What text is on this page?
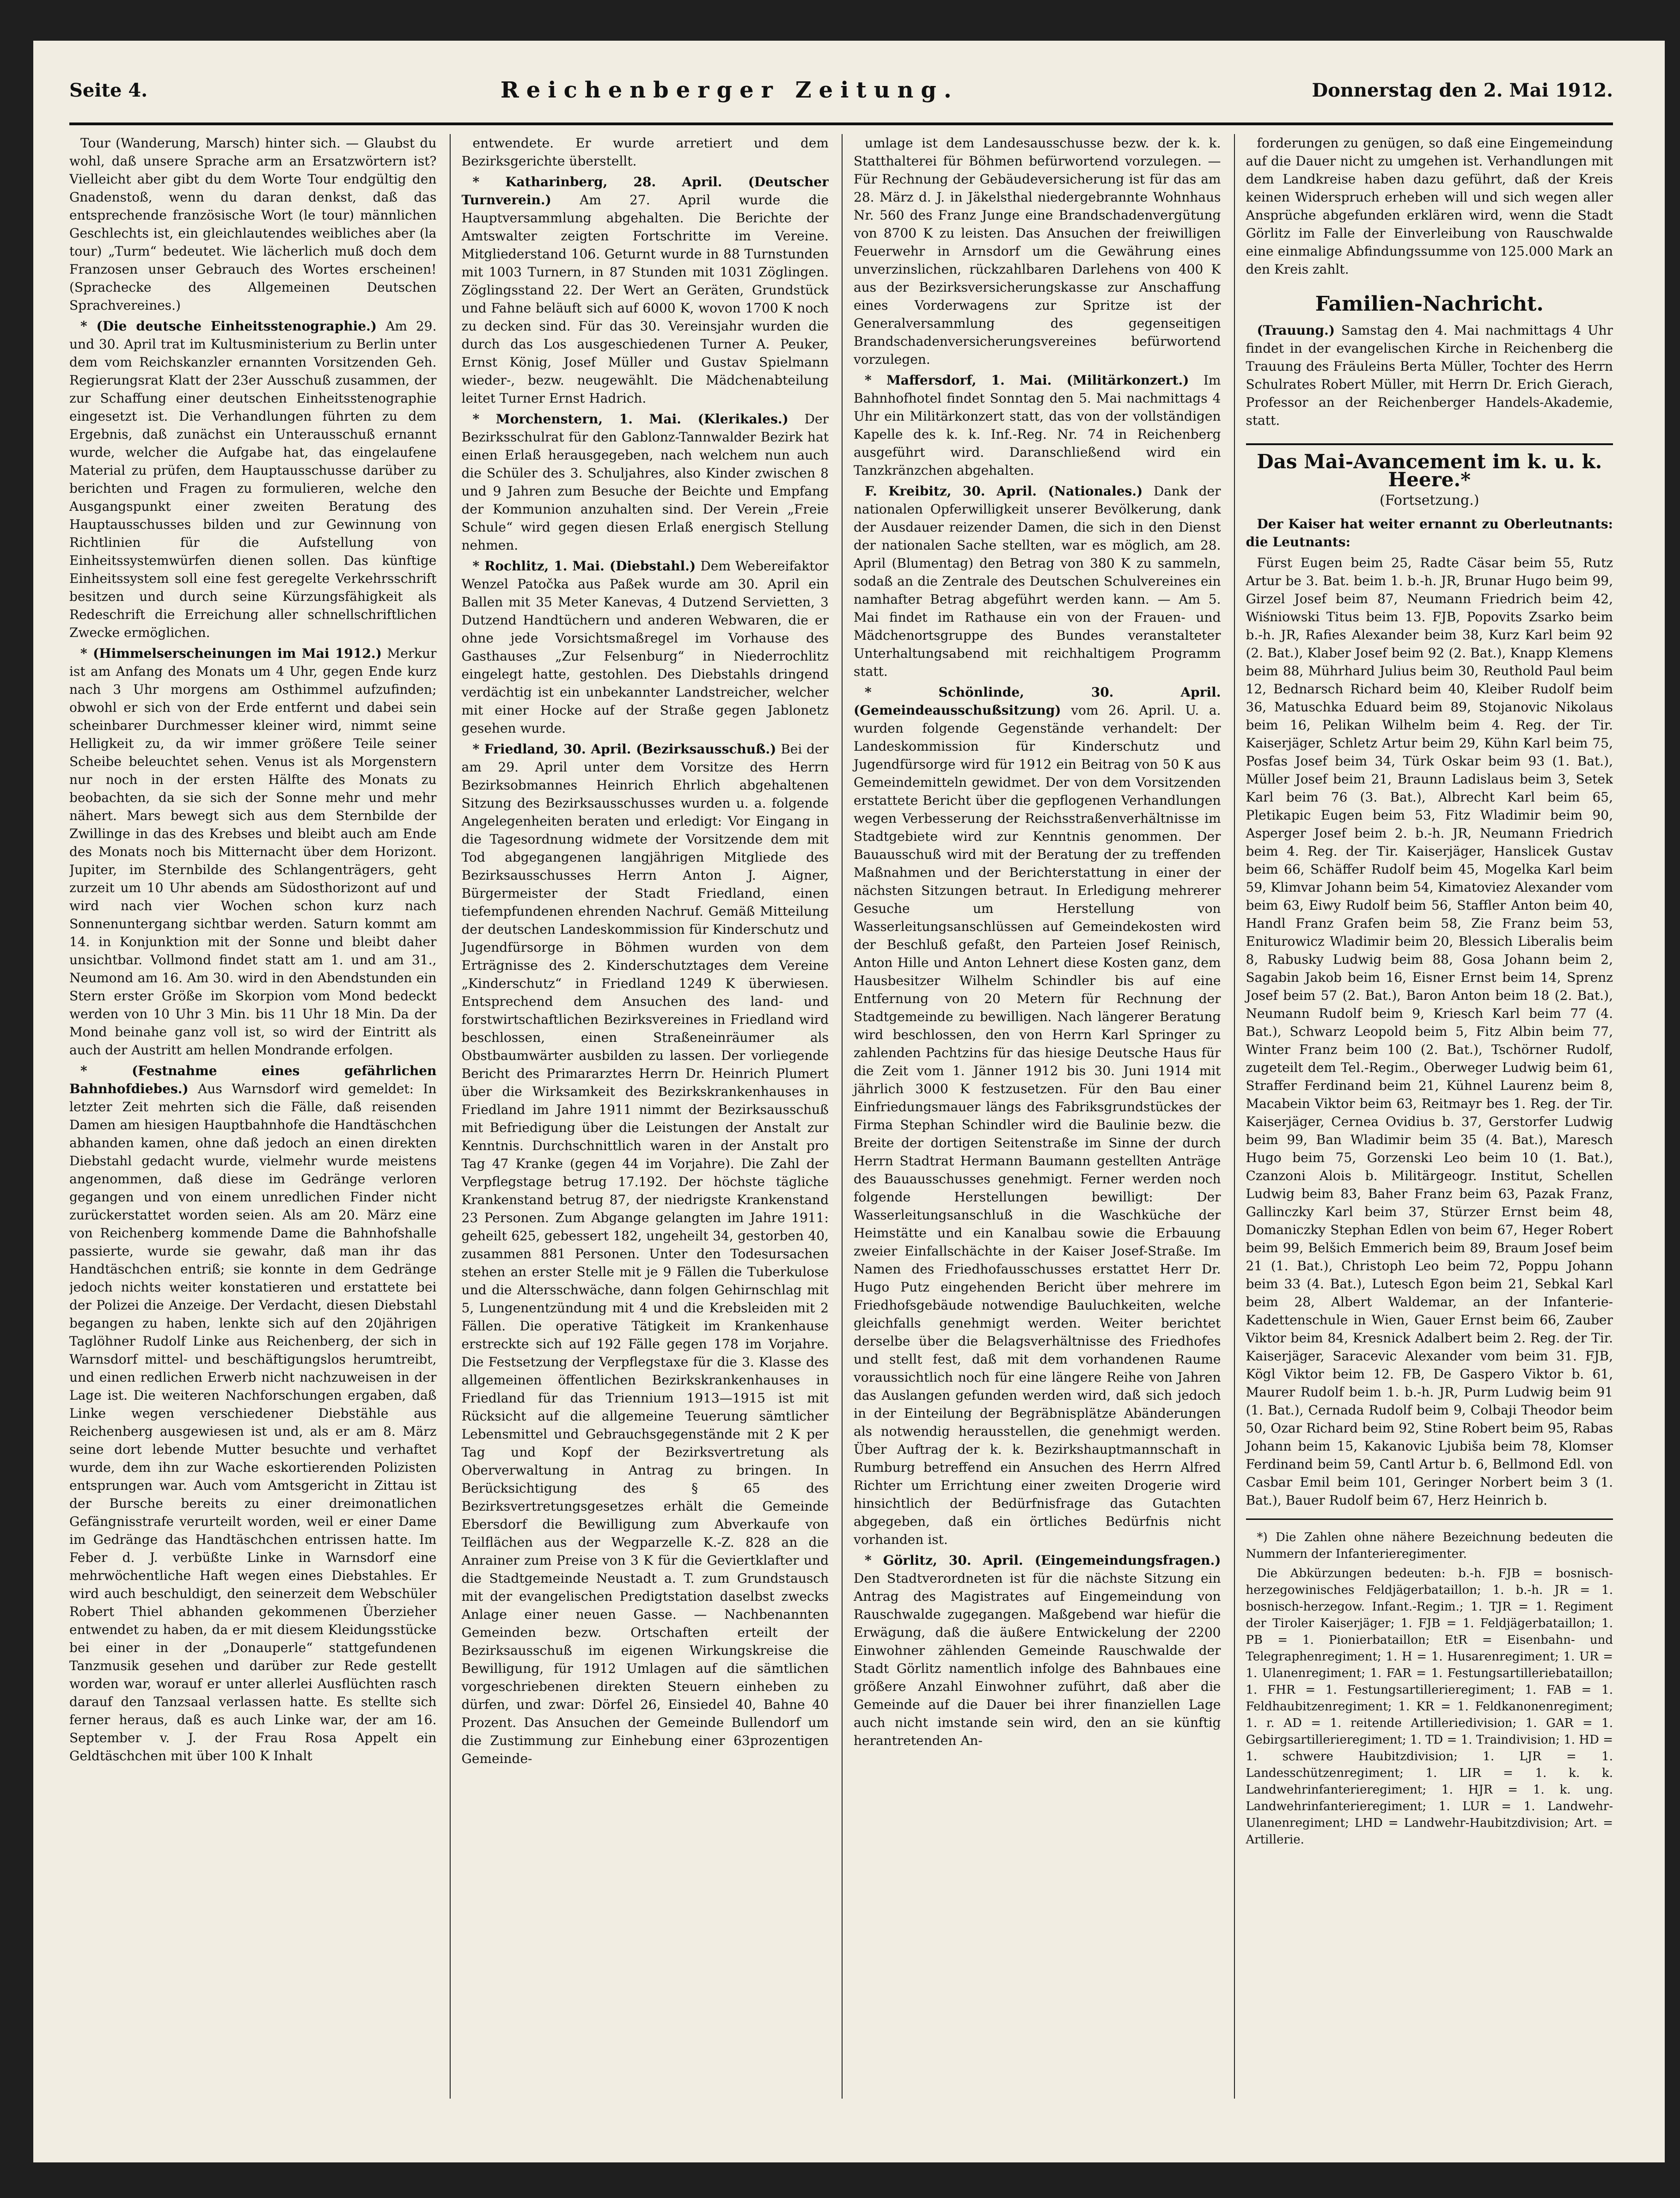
Seite 4.	Reichenberger Zeitung.	Donnerstag den 2. Mai 1912.

Tour (Wanderung, Marsch) hinter sich. — Glaubst du wohl, daß unsere Sprache arm an Ersatzwörtern ist? Vielleicht aber gibt du dem Worte Tour endgültig den Gnadenstoß, wenn du daran denkst, daß das entsprechende französische Wort (le tour) männlichen Geschlechts ist, ein gleichlautendes weibliches aber (la tour) „Turm“ bedeutet. Wie lächerlich muß doch dem Franzosen unser Gebrauch des Wortes erscheinen! (Sprachecke des Allgemeinen Deutschen Sprachvereines.)

* (Die deutsche Einheitsstenographie.) Am 29. und 30. April trat im Kultusministerium zu Berlin unter dem vom Reichskanzler ernannten Vorsitzenden Geh. Regierungsrat Klatt der 23er Ausschuß zusammen, der zur Schaffung einer deutschen Einheitsstenographie eingesetzt ist. Die Verhandlungen führten zu dem Ergebnis, daß zunächst ein Unterausschuß ernannt wurde, welcher die Aufgabe hat, das eingelaufene Material zu prüfen, dem Hauptausschusse darüber zu berichten und Fragen zu formulieren, welche den Ausgangspunkt einer zweiten Beratung des Hauptausschusses bilden und zur Gewinnung von Richtlinien für die Aufstellung von Einheitssystemwürfen dienen sollen. Das künftige Einheitssystem soll eine fest geregelte Verkehrsschrift besitzen und durch seine Kürzungsfähigkeit als Redeschrift die Erreichung aller schnellschriftlichen Zwecke ermöglichen.

* (Himmelserscheinungen im Mai 1912.) Merkur ist am Anfang des Monats um 4 Uhr, gegen Ende kurz nach 3 Uhr morgens am Osthimmel aufzufinden; obwohl er sich von der Erde entfernt und dabei sein scheinbarer Durchmesser kleiner wird, nimmt seine Helligkeit zu, da wir immer größere Teile seiner Scheibe beleuchtet sehen. Venus ist als Morgenstern nur noch in der ersten Hälfte des Monats zu beobachten, da sie sich der Sonne mehr und mehr nähert. Mars bewegt sich aus dem Sternbilde der Zwillinge in das des Krebses und bleibt auch am Ende des Monats noch bis Mitternacht über dem Horizont. Jupiter, im Sternbilde des Schlangenträgers, geht zurzeit um 10 Uhr abends am Südosthorizont auf und wird nach vier Wochen schon kurz nach Sonnenuntergang sichtbar werden. Saturn kommt am 14. in Konjunktion mit der Sonne und bleibt daher unsichtbar. Vollmond findet statt am 1. und am 31., Neumond am 16. Am 30. wird in den Abendstunden ein Stern erster Größe im Skorpion vom Mond bedeckt werden von 10 Uhr 3 Min. bis 11 Uhr 18 Min. Da der Mond beinahe ganz voll ist, so wird der Eintritt als auch der Austritt am hellen Mondrande erfolgen.

* (Festnahme eines gefährlichen Bahnhofdiebes.) Aus Warnsdorf wird gemeldet: In letzter Zeit mehrten sich die Fälle, daß reisenden Damen am hiesigen Hauptbahnhofe die Handtäschchen abhanden kamen, ohne daß jedoch an einen direkten Diebstahl gedacht wurde, vielmehr wurde meistens angenommen, daß diese im Gedränge verloren gegangen und von einem unredlichen Finder nicht zurückerstattet worden seien. Als am 20. März eine von Reichenberg kommende Dame die Bahnhofshalle passierte, wurde sie gewahr, daß man ihr das Handtäschchen entriß; sie konnte in dem Gedränge jedoch nichts weiter konstatieren und erstattete bei der Polizei die Anzeige. Der Verdacht, diesen Diebstahl begangen zu haben, lenkte sich auf den 20jährigen Taglöhner Rudolf Linke aus Reichenberg, der sich in Warnsdorf mittel- und beschäftigungslos herumtreibt, und einen redlichen Erwerb nicht nachzuweisen in der Lage ist. Die weiteren Nachforschungen ergaben, daß Linke wegen verschiedener Diebstähle aus Reichenberg ausgewiesen ist und, als er am 8. März seine dort lebende Mutter besuchte und verhaftet wurde, dem ihn zur Wache eskortierenden Polizisten entsprungen war. Auch vom Amtsgericht in Zittau ist der Bursche bereits zu einer dreimonatlichen Gefängnisstrafe verurteilt worden, weil er einer Dame im Gedränge das Handtäschchen entrissen hatte. Im Feber d. J. verbüßte Linke in Warnsdorf eine mehrwöchentliche Haft wegen eines Diebstahles. Er wird auch beschuldigt, den seinerzeit dem Webschüler Robert Thiel abhanden gekommenen Überzieher entwendet zu haben, da er mit diesem Kleidungsstücke bei einer in der „Donauperle“ stattgefundenen Tanzmusik gesehen und darüber zur Rede gestellt worden war, worauf er unter allerlei Ausflüchten rasch darauf den Tanzsaal verlassen hatte. Es stellte sich ferner heraus, daß es auch Linke war, der am 16. September v. J. der Frau Rosa Appelt ein Geldtäschchen mit über 100 K Inhalt

entwendete. Er wurde arretiert und dem Bezirksgerichte überstellt.

* Katharinberg, 28. April. (Deutscher Turnverein.) Am 27. April wurde die Hauptversammlung abgehalten. Die Berichte der Amtswalter zeigten Fortschritte im Vereine. Mitgliederstand 106. Geturnt wurde in 88 Turnstunden mit 1003 Turnern, in 87 Stunden mit 1031 Zöglingen. Zöglingsstand 22. Der Wert an Geräten, Grundstück und Fahne beläuft sich auf 6000 K, wovon 1700 K noch zu decken sind. Für das 30. Vereinsjahr wurden die durch das Los ausgeschiedenen Turner A. Peuker, Ernst König, Josef Müller und Gustav Spielmann wieder-, bezw. neugewählt. Die Mädchenabteilung leitet Turner Ernst Hadrich.

* Morchenstern, 1. Mai. (Klerikales.) Der Bezirksschulrat für den Gablonz-Tannwalder Bezirk hat einen Erlaß herausgegeben, nach welchem nun auch die Schüler des 3. Schuljahres, also Kinder zwischen 8 und 9 Jahren zum Besuche der Beichte und Empfang der Kommunion anzuhalten sind. Der Verein „Freie Schule“ wird gegen diesen Erlaß energisch Stellung nehmen.

* Rochlitz, 1. Mai. (Diebstahl.) Dem Webereifaktor Wenzel Patočka aus Paßek wurde am 30. April ein Ballen mit 35 Meter Kanevas, 4 Dutzend Servietten, 3 Dutzend Handtüchern und anderen Webwaren, die er ohne jede Vorsichtsmaßregel im Vorhause des Gasthauses „Zur Felsenburg“ in Niederrochlitz eingelegt hatte, gestohlen. Des Diebstahls dringend verdächtig ist ein unbekannter Landstreicher, welcher mit einer Hocke auf der Straße gegen Jablonetz gesehen wurde.

* Friedland, 30. April. (Bezirksausschuß.) Bei der am 29. April unter dem Vorsitze des Herrn Bezirksobmannes Heinrich Ehrlich abgehaltenen Sitzung des Bezirksausschusses wurden u. a. folgende Angelegenheiten beraten und erledigt: Vor Eingang in die Tagesordnung widmete der Vorsitzende dem mit Tod abgegangenen langjährigen Mitgliede des Bezirksausschusses Herrn Anton J. Aigner, Bürgermeister der Stadt Friedland, einen tiefempfundenen ehrenden Nachruf. Gemäß Mitteilung der deutschen Landeskommission für Kinderschutz und Jugendfürsorge in Böhmen wurden von dem Erträgnisse des 2. Kinderschutztages dem Vereine „Kinderschutz“ in Friedland 1249 K überwiesen. Entsprechend dem Ansuchen des land- und forstwirtschaftlichen Bezirksvereines in Friedland wird beschlossen, einen Straßeneinräumer als Obstbaumwärter ausbilden zu lassen. Der vorliegende Bericht des Primararztes Herrn Dr. Heinrich Plumert über die Wirksamkeit des Bezirkskrankenhauses in Friedland im Jahre 1911 nimmt der Bezirksausschuß mit Befriedigung über die Leistungen der Anstalt zur Kenntnis. Durchschnittlich waren in der Anstalt pro Tag 47 Kranke (gegen 44 im Vorjahre). Die Zahl der Verpflegstage betrug 17.192. Der höchste tägliche Krankenstand betrug 87, der niedrigste Krankenstand 23 Personen. Zum Abgange gelangten im Jahre 1911: geheilt 625, gebessert 182, ungeheilt 34, gestorben 40, zusammen 881 Personen. Unter den Todesursachen stehen an erster Stelle mit je 9 Fällen die Tuberkulose und die Altersschwäche, dann folgen Gehirnschlag mit 5, Lungenentzündung mit 4 und die Krebsleiden mit 2 Fällen. Die operative Tätigkeit im Krankenhause erstreckte sich auf 192 Fälle gegen 178 im Vorjahre. Die Festsetzung der Verpflegstaxe für die 3. Klasse des allgemeinen öffentlichen Bezirkskrankenhauses in Friedland für das Triennium 1913—1915 ist mit Rücksicht auf die allgemeine Teuerung sämtlicher Lebensmittel und Gebrauchsgegenstände mit 2 K per Tag und Kopf der Bezirksvertretung als Oberverwaltung in Antrag zu bringen. In Berücksichtigung des § 65 des Bezirksvertretungsgesetzes erhält die Gemeinde Ebersdorf die Bewilligung zum Abverkaufe von Teilflächen aus der Wegparzelle K.-Z. 828 an die Anrainer zum Preise von 3 K für die Geviertklafter und die Stadtgemeinde Neustadt a. T. zum Grundstausch mit der evangelischen Predigtstation daselbst zwecks Anlage einer neuen Gasse. — Nachbenannten Gemeinden bezw. Ortschaften erteilt der Bezirksausschuß im eigenen Wirkungskreise die Bewilligung, für 1912 Umlagen auf die sämtlichen vorgeschriebenen direkten Steuern einheben zu dürfen, und zwar: Dörfel 26, Einsiedel 40, Bahne 40 Prozent. Das Ansuchen der Gemeinde Bullendorf um die Zustimmung zur Einhebung einer 63prozentigen Gemeinde-

umlage ist dem Landesausschusse bezw. der k. k. Statthalterei für Böhmen befürwortend vorzulegen. — Für Rechnung der Gebäudeversicherung ist für das am 28. März d. J. in Jäkelsthal niedergebrannte Wohnhaus Nr. 560 des Franz Junge eine Brandschadenvergütung von 8700 K zu leisten. Das Ansuchen der freiwilligen Feuerwehr in Arnsdorf um die Gewährung eines unverzinslichen, rückzahlbaren Darlehens von 400 K aus der Bezirksversicherungskasse zur Anschaffung eines Vorderwagens zur Spritze ist der Generalversammlung des gegenseitigen Brandschadenversicherungsvereines befürwortend vorzulegen.

* Maffersdorf, 1. Mai. (Militärkonzert.) Im Bahnhofhotel findet Sonntag den 5. Mai nachmittags 4 Uhr ein Militärkonzert statt, das von der vollständigen Kapelle des k. k. Inf.-Reg. Nr. 74 in Reichenberg ausgeführt wird. Daranschließend wird ein Tanzkränzchen abgehalten.

F. Kreibitz, 30. April. (Nationales.) Dank der nationalen Opferwilligkeit unserer Bevölkerung, dank der Ausdauer reizender Damen, die sich in den Dienst der nationalen Sache stellten, war es möglich, am 28. April (Blumentag) den Betrag von 380 K zu sammeln, sodaß an die Zentrale des Deutschen Schulvereines ein namhafter Betrag abgeführt werden kann. — Am 5. Mai findet im Rathause ein von der Frauen- und Mädchenortsgruppe des Bundes veranstalteter Unterhaltungsabend mit reichhaltigem Programm statt.

* Schönlinde, 30. April. (Gemeindeausschußsitzung) vom 26. April. U. a. wurden folgende Gegenstände verhandelt: Der Landeskommission für Kinderschutz und Jugendfürsorge wird für 1912 ein Beitrag von 50 K aus Gemeindemitteln gewidmet. Der von dem Vorsitzenden erstattete Bericht über die gepflogenen Verhandlungen wegen Verbesserung der Reichsstraßenverhältnisse im Stadtgebiete wird zur Kenntnis genommen. Der Bauausschuß wird mit der Beratung der zu treffenden Maßnahmen und der Berichterstattung in einer der nächsten Sitzungen betraut. In Erledigung mehrerer Gesuche um Herstellung von Wasserleitungsanschlüssen auf Gemeindekosten wird der Beschluß gefaßt, den Parteien Josef Reinisch, Anton Hille und Anton Lehnert diese Kosten ganz, dem Hausbesitzer Wilhelm Schindler bis auf eine Entfernung von 20 Metern für Rechnung der Stadtgemeinde zu bewilligen. Nach längerer Beratung wird beschlossen, den von Herrn Karl Springer zu zahlenden Pachtzins für das hiesige Deutsche Haus für die Zeit vom 1. Jänner 1912 bis 30. Juni 1914 mit jährlich 3000 K festzusetzen. Für den Bau einer Einfriedungsmauer längs des Fabriksgrundstückes der Firma Stephan Schindler wird die Baulinie bezw. die Breite der dortigen Seitenstraße im Sinne der durch Herrn Stadtrat Hermann Baumann gestellten Anträge des Bauausschusses genehmigt. Ferner werden noch folgende Herstellungen bewilligt: Der Wasserleitungsanschluß in die Waschküche der Heimstätte und ein Kanalbau sowie die Erbauung zweier Einfallschächte in der Kaiser Josef-Straße. Im Namen des Friedhofausschusses erstattet Herr Dr. Hugo Putz eingehenden Bericht über mehrere im Friedhofsgebäude notwendige Bauluchkeiten, welche gleichfalls genehmigt werden. Weiter berichtet derselbe über die Belagsverhältnisse des Friedhofes und stellt fest, daß mit dem vorhandenen Raume voraussichtlich noch für eine längere Reihe von Jahren das Auslangen gefunden werden wird, daß sich jedoch in der Einteilung der Begräbnisplätze Abänderungen als notwendig herausstellen, die genehmigt werden. Über Auftrag der k. k. Bezirkshauptmannschaft in Rumburg betreffend ein Ansuchen des Herrn Alfred Richter um Errichtung einer zweiten Drogerie wird hinsichtlich der Bedürfnisfrage das Gutachten abgegeben, daß ein örtliches Bedürfnis nicht vorhanden ist.

* Görlitz, 30. April. (Eingemeindungsfragen.) Den Stadtverordneten ist für die nächste Sitzung ein Antrag des Magistrates auf Eingemeindung von Rauschwalde zugegangen. Maßgebend war hiefür die Erwägung, daß die äußere Entwickelung der 2200 Einwohner zählenden Gemeinde Rauschwalde der Stadt Görlitz namentlich infolge des Bahnbaues eine größere Anzahl Einwohner zuführt, daß aber die Gemeinde auf die Dauer bei ihrer finanziellen Lage auch nicht imstande sein wird, den an sie künftig herantretenden An-

forderungen zu genügen, so daß eine Eingemeindung auf die Dauer nicht zu umgehen ist. Verhandlungen mit dem Landkreise haben dazu geführt, daß der Kreis keinen Widerspruch erheben will und sich wegen aller Ansprüche abgefunden erklären wird, wenn die Stadt Görlitz im Falle der Einverleibung von Rauschwalde eine einmalige Abfindungssumme von 125.000 Mark an den Kreis zahlt.

Familien-Nachricht.

(Trauung.) Samstag den 4. Mai nachmittags 4 Uhr findet in der evangelischen Kirche in Reichenberg die Trauung des Fräuleins Berta Müller, Tochter des Herrn Schulrates Robert Müller, mit Herrn Dr. Erich Gierach, Professor an der Reichenberger Handels-Akademie, statt.

Das Mai-Avancement im k. u. k. Heere.*
(Fortsetzung.)

Der Kaiser hat weiter ernannt zu Oberleutnants: die Leutnants:

Fürst Eugen beim 25, Radte Cäsar beim 55, Rutz Artur be 3. Bat. beim 1. b.-h. JR, Brunar Hugo beim 99, Girzel Josef beim 87, Neumann Friedrich beim 42, Wiśniowski Titus beim 13. FJB, Popovits Zsarko beim b.-h. JR, Rafies Alexander beim 38, Kurz Karl beim 92 (2. Bat.), Klaber Josef beim 92 (2. Bat.), Knapp Klemens beim 88, Mührhard Julius beim 30, Reuthold Paul beim 12, Bednarsch Richard beim 40, Kleiber Rudolf beim 36, Matuschka Eduard beim 89, Stojanovic Nikolaus beim 16, Pelikan Wilhelm beim 4. Reg. der Tir. Kaiserjäger, Schletz Artur beim 29, Kühn Karl beim 75, Posfas Josef beim 34, Türk Oskar beim 93 (1. Bat.), Müller Josef beim 21, Braunn Ladislaus beim 3, Setek Karl beim 76 (3. Bat.), Albrecht Karl beim 65, Pletikapic Eugen beim 53, Fitz Wladimir beim 90, Asperger Josef beim 2. b.-h. JR, Neumann Friedrich beim 4. Reg. der Tir. Kaiserjäger, Hanslicek Gustav beim 66, Schäffer Rudolf beim 45, Mogelka Karl beim 59, Klimvar Johann beim 54, Kimatoviez Alexander vom beim 63, Eiwy Rudolf beim 56, Staffler Anton beim 40, Handl Franz Grafen beim 58, Zie Franz beim 53, Eniturowicz Wladimir beim 20, Blessich Liberalis beim 8, Rabusky Ludwig beim 88, Gosa Johann beim 2, Sagabin Jakob beim 16, Eisner Ernst beim 14, Sprenz Josef beim 57 (2. Bat.), Baron Anton beim 18 (2. Bat.), Neumann Rudolf beim 9, Kriesch Karl beim 77 (4. Bat.), Schwarz Leopold beim 5, Fitz Albin beim 77, Winter Franz beim 100 (2. Bat.), Tschörner Rudolf, zugeteilt dem Tel.-Regim., Oberweger Ludwig beim 61, Straffer Ferdinand beim 21, Kühnel Laurenz beim 8, Macabein Viktor beim 63, Reitmayr bes 1. Reg. der Tir. Kaiserjäger, Cernea Ovidius b. 37, Gerstorfer Ludwig beim 99, Ban Wladimir beim 35 (4. Bat.), Maresch Hugo beim 75, Gorzenski Leo beim 10 (1. Bat.), Czanzoni Alois b. Militärgeogr. Institut, Schellen Ludwig beim 83, Baher Franz beim 63, Pazak Franz, Gallinczky Karl beim 37, Stürzer Ernst beim 48, Domaniczky Stephan Edlen von beim 67, Heger Robert beim 99, Belšich Emmerich beim 89, Braum Josef beim 21 (1. Bat.), Christoph Leo beim 72, Poppu Johann beim 33 (4. Bat.), Lutesch Egon beim 21, Sebkal Karl beim 28, Albert Waldemar, an der Infanterie-Kadettenschule in Wien, Gauer Ernst beim 66, Zauber Viktor beim 84, Kresnick Adalbert beim 2. Reg. der Tir. Kaiserjäger, Saracevic Alexander vom beim 31. FJB, Kögl Viktor beim 12. FB, De Gaspero Viktor b. 61, Maurer Rudolf beim 1. b.-h. JR, Purm Ludwig beim 91 (1. Bat.), Cernada Rudolf beim 9, Colbaji Theodor beim 50, Ozar Richard beim 92, Stine Robert beim 95, Rabas Johann beim 15, Kakanovic Ljubiša beim 78, Klomser Ferdinand beim 59, Cantl Artur b. 6, Bellmond Edl. von Casbar Emil beim 101, Geringer Norbert beim 3 (1. Bat.), Bauer Rudolf beim 67, Herz Heinrich b.

*) Die Zahlen ohne nähere Bezeichnung bedeuten die Nummern der Infanterieregimenter.

Die Abkürzungen bedeuten: b.-h. FJB = bosnisch-herzegowinisches Feldjägerbataillon; 1. b.-h. JR = 1. bosnisch-herzegow. Infant.-Regim.; 1. TJR = 1. Regiment der Tiroler Kaiserjäger; 1. FJB = 1. Feldjägerbataillon; 1. PB = 1. Pionierbataillon; EtR = Eisenbahn- und Telegraphenregiment; 1. H = 1. Husarenregiment; 1. UR = 1. Ulanenregiment; 1. FAR = 1. Festungsartilleriebataillon; 1. FHR = 1. Festungsartillerieregiment; 1. FAB = 1. Feldhaubitzenregiment; 1. KR = 1. Feldkanonenregiment; 1. r. AD = 1. reitende Artilleriedivision; 1. GAR = 1. Gebirgsartillerieregiment; 1. TD = 1. Traindivision; 1. HD = 1. schwere Haubitzdivision; 1. LJR = 1. Landesschützenregiment; 1. LIR = 1. k. k. Landwehrinfanterieregiment; 1. HJR = 1. k. ung. Landwehrinfanterieregiment; 1. LUR = 1. Landwehr-Ulanenregiment; LHD = Landwehr-Haubitzdivision; Art. = Artillerie.
